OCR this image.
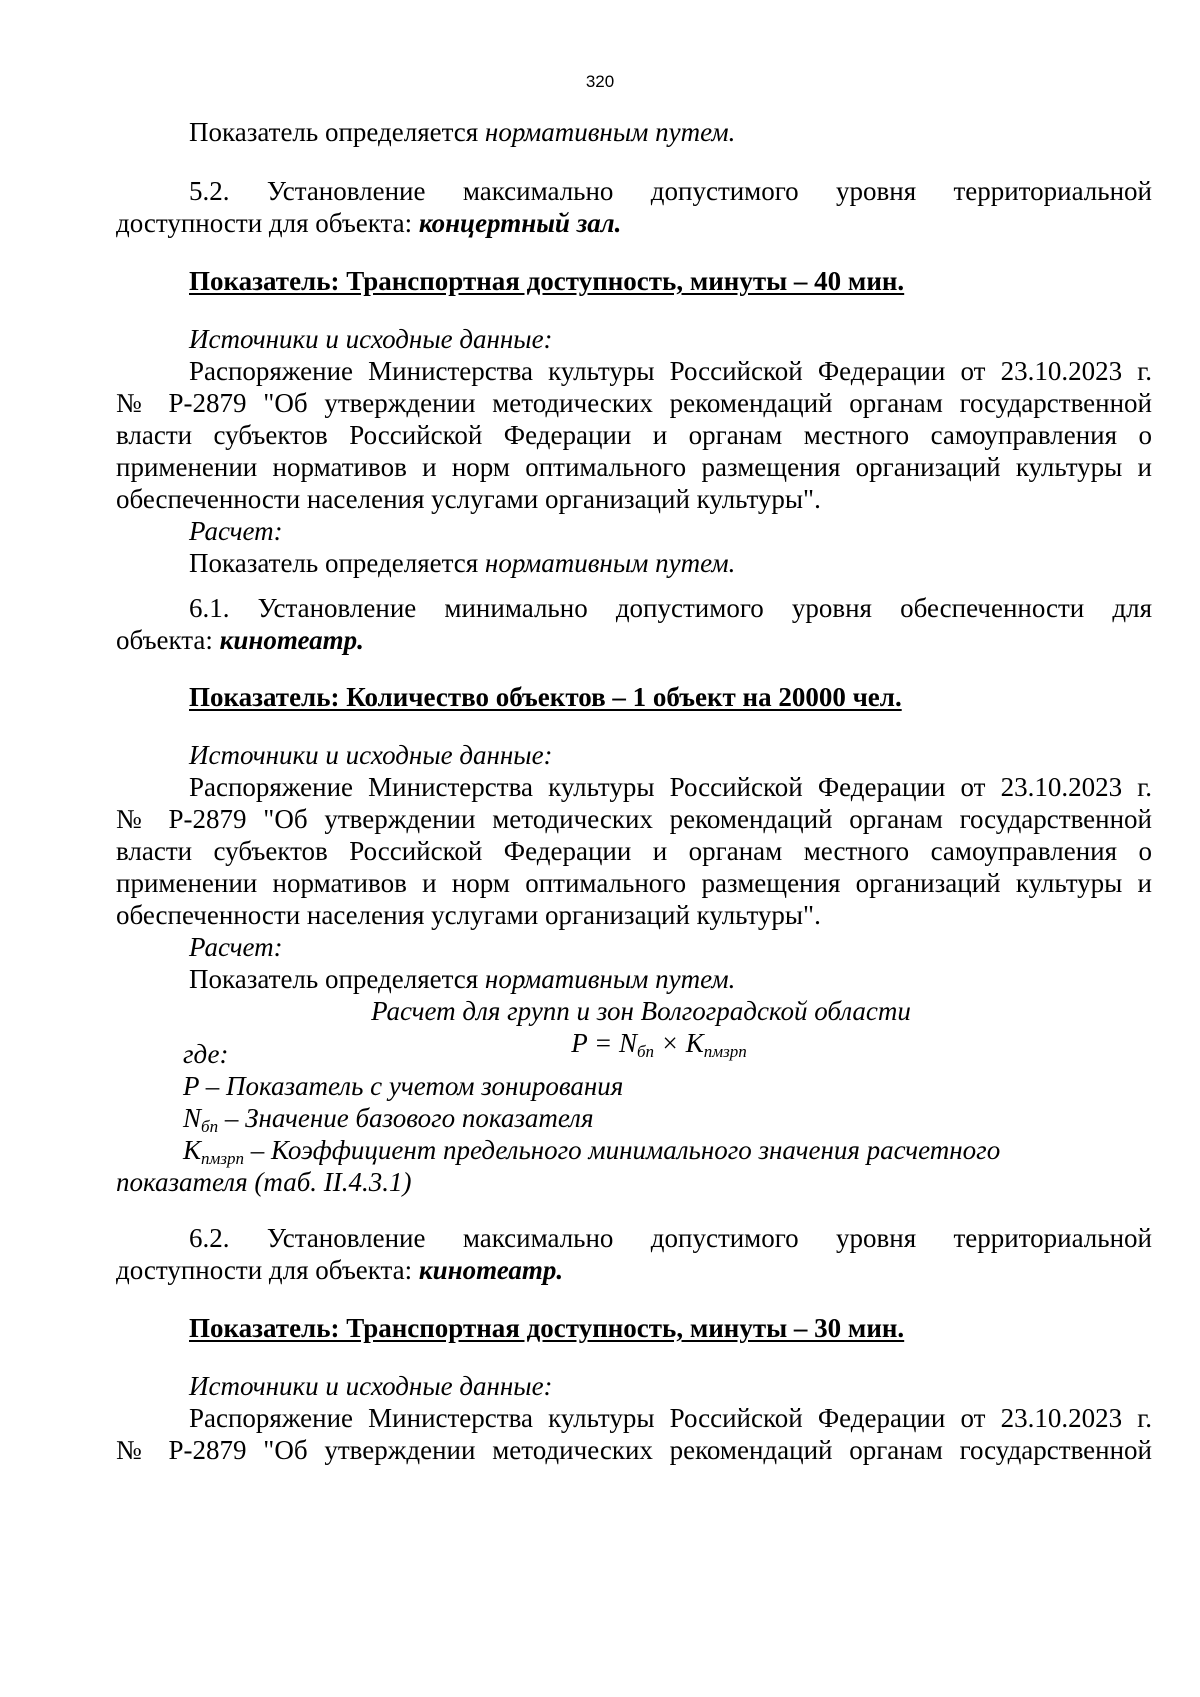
320
Показатель определяется нормативным путем.
5.2. Установление максимально допустимого уровня территориальной
доступности для объекта: концертный зал.
Показатель: Транспортная доступность, минуты – 40 мин.
Источники и исходные данные:
Распоряжение Министерства культуры Российской Федерации от 23.10.2023 г.
№ Р-2879 "Об утверждении методических рекомендаций органам государственной
власти субъектов Российской Федерации и органам местного самоуправления о
применении нормативов и норм оптимального размещения организаций культуры и
обеспеченности населения услугами организаций культуры".
Расчет:
Показатель определяется нормативным путем.
6.1. Установление минимально допустимого уровня обеспеченности для
объекта: кинотеатр.
Показатель: Количество объектов – 1 объект на 20000 чел.
Источники и исходные данные:
Распоряжение Министерства культуры Российской Федерации от 23.10.2023 г.
№ Р-2879 "Об утверждении методических рекомендаций органам государственной
власти субъектов Российской Федерации и органам местного самоуправления о
применении нормативов и норм оптимального размещения организаций культуры и
обеспеченности населения услугами организаций культуры".
Расчет:
Показатель определяется нормативным путем.
Расчет для групп и зон Волгоградской области
$P = N_{бп} \times K_{пмзрп}$
где:
P – Показатель с учетом зонирования
$N_{бп}$ – Значение базового показателя
$K_{пмзрп}$ – Коэффициент предельного минимального значения расчетного
показателя (таб. II.4.3.1)
6.2. Установление максимально допустимого уровня территориальной
доступности для объекта: кинотеатр.
Показатель: Транспортная доступность, минуты – 30 мин.
Источники и исходные данные:
Распоряжение Министерства культуры Российской Федерации от 23.10.2023 г.
№ Р-2879 "Об утверждении методических рекомендаций органам государственной
